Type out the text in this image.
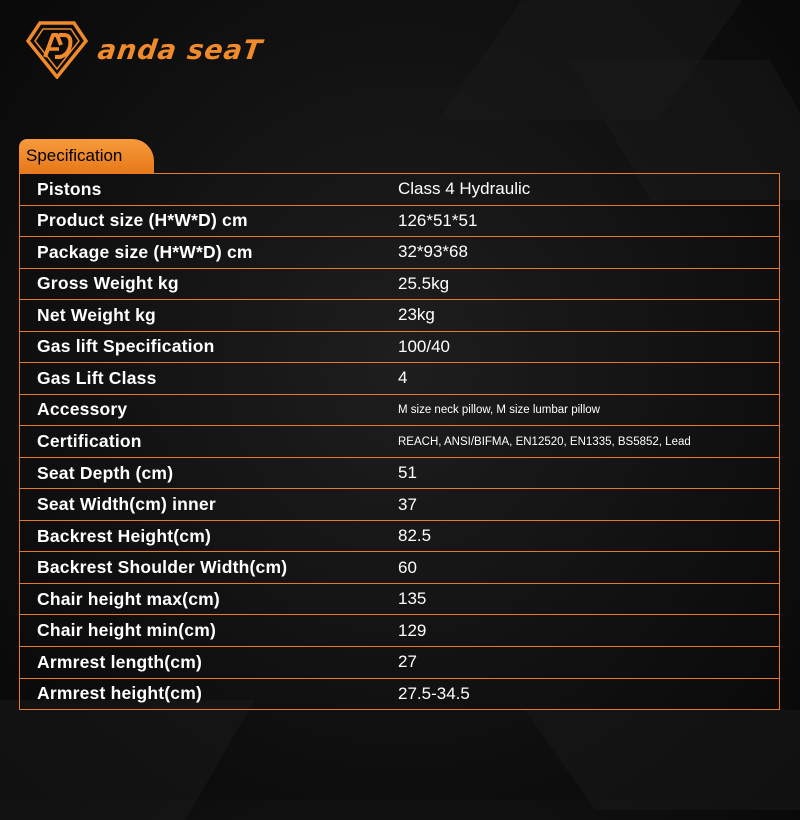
anda seaT
Specification
Pistons	Class 4 Hydraulic
Product size (H*W*D) cm	126*51*51
Package size (H*W*D) cm	32*93*68
Gross Weight kg	25.5kg
Net Weight kg	23kg
Gas lift Specification	100/40
Gas Lift Class	4
Accessory	M size neck pillow, M size lumbar pillow
Certification	REACH, ANSI/BIFMA, EN12520, EN1335, BS5852, Lead
Seat Depth (cm)	51
Seat Width(cm) inner	37
Backrest Height(cm)	82.5
Backrest Shoulder Width(cm)	60
Chair height max(cm)	135
Chair height min(cm)	129
Armrest length(cm)	27
Armrest height(cm)	27.5-34.5
